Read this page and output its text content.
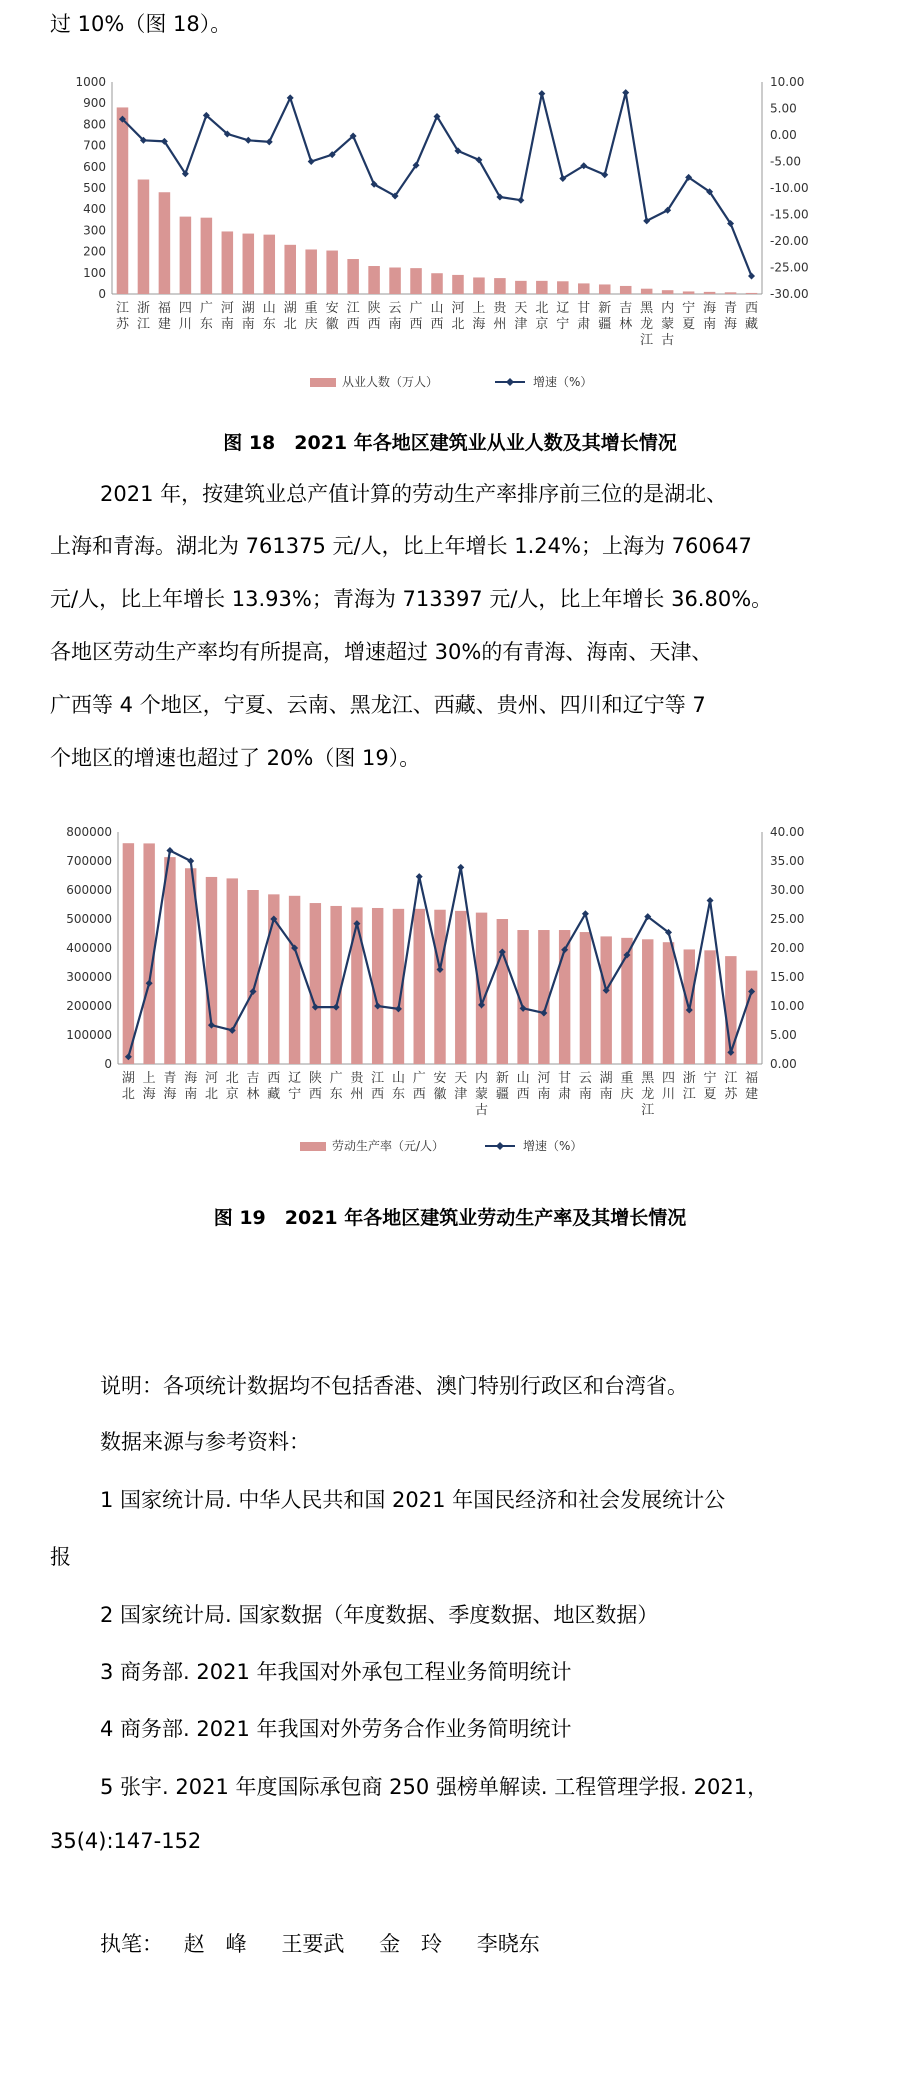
过 10%（图 18）。
0
100
200
300
400
500
600
700
800
900
1000
-30.00
-25.00
-20.00
-15.00
-10.00
-5.00
0.00
5.00
10.00
江苏
浙江
福建
四川
广东
河南
湖南
山东
湖北
重庆
安徽
江西
陕西
云南
广西
山西
河北
上海
贵州
天津
北京
辽宁
甘肃
新疆
吉林
黑龙江
内蒙古
宁夏
海南
青海
西藏
从业人数（万人）	增速（%）
图 18　2021 年各地区建筑业从业人数及其增长情况
2021 年，按建筑业总产值计算的劳动生产率排序前三位的是湖北、
上海和青海。湖北为 761375 元/人，比上年增长 1.24%；上海为 760647
元/人，比上年增长 13.93%；青海为 713397 元/人，比上年增长 36.80%。
各地区劳动生产率均有所提高，增速超过 30%的有青海、海南、天津、
广西等 4 个地区，宁夏、云南、黑龙江、西藏、贵州、四川和辽宁等 7
个地区的增速也超过了 20%（图 19）。
0
100000
200000
300000
400000
500000
600000
700000
800000
0.00
5.00
10.00
15.00
20.00
25.00
30.00
35.00
40.00
湖北
上海
青海
海南
河北
北京
吉林
西藏
辽宁
陕西
广东
贵州
江西
山东
广西
安徽
天津
内蒙古
新疆
山西
河南
甘肃
云南
湖南
重庆
黑龙江
四川
浙江
宁夏
江苏
福建
劳动生产率（元/人）	增速（%）
图 19　2021 年各地区建筑业劳动生产率及其增长情况
说明：各项统计数据均不包括香港、澳门特别行政区和台湾省。
数据来源与参考资料：
1 国家统计局. 中华人民共和国 2021 年国民经济和社会发展统计公
报
2 国家统计局. 国家数据（年度数据、季度数据、地区数据）
3 商务部. 2021 年我国对外承包工程业务简明统计
4 商务部. 2021 年我国对外劳务合作业务简明统计
5 张宇. 2021 年度国际承包商 250 强榜单解读. 工程管理学报. 2021，
35(4):147-152
执笔： 赵　峰 王要武 金　玲 李晓东
